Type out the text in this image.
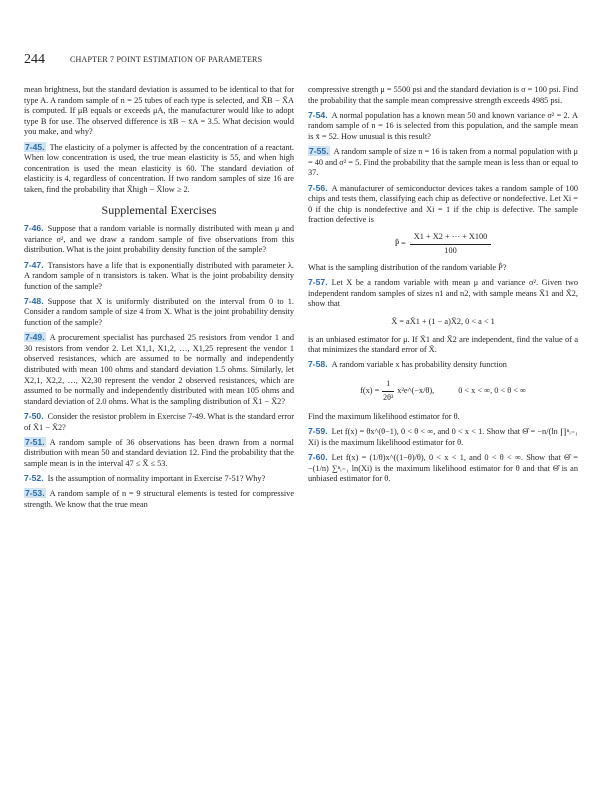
244	CHAPTER 7 POINT ESTIMATION OF PARAMETERS

mean brightness, but the standard deviation is assumed to be identical to that for type A. A random sample of n = 25 tubes of each type is selected, and X̄B − X̄A is computed. If μB equals or exceeds μA, the manufacturer would like to adopt type B for use. The observed difference is x̄B − x̄A = 3.5. What decision would you make, and why?

7-45. The elasticity of a polymer is affected by the concentration of a reactant. When low concentration is used, the true mean elasticity is 55, and when high concentration is used the mean elasticity is 60. The standard deviation of elasticity is 4, regardless of concentration. If two random samples of size 16 are taken, find the probability that X̄high − X̄low ≥ 2.

Supplemental Exercises

7-46. Suppose that a random variable is normally distributed with mean μ and variance σ², and we draw a random sample of five observations from this distribution. What is the joint probability density function of the sample?

7-47. Transistors have a life that is exponentially distributed with parameter λ. A random sample of n transistors is taken. What is the joint probability density function of the sample?

7-48. Suppose that X is uniformly distributed on the interval from 0 to 1. Consider a random sample of size 4 from X. What is the joint probability density function of the sample?

7-49. A procurement specialist has purchased 25 resistors from vendor 1 and 30 resistors from vendor 2. Let X1,1, X1,2, …, X1,25 represent the vendor 1 observed resistances, which are assumed to be normally and independently distributed with mean 100 ohms and standard deviation 1.5 ohms. Similarly, let X2,1, X2,2, …, X2,30 represent the vendor 2 observed resistances, which are assumed to be normally and independently distributed with mean 105 ohms and standard deviation of 2.0 ohms. What is the sampling distribution of X̄1 − X̄2?

7-50. Consider the resistor problem in Exercise 7-49. What is the standard error of X̄1 − X̄2?

7-51. A random sample of 36 observations has been drawn from a normal distribution with mean 50 and standard deviation 12. Find the probability that the sample mean is in the interval 47 ≤ X̄ ≤ 53.

7-52. Is the assumption of normality important in Exercise 7-51? Why?

7-53. A random sample of n = 9 structural elements is tested for compressive strength. We know that the true mean

compressive strength μ = 5500 psi and the standard deviation is σ = 100 psi. Find the probability that the sample mean compressive strength exceeds 4985 psi.

7-54. A normal population has a known mean 50 and known variance σ² = 2. A random sample of n = 16 is selected from this population, and the sample mean is x̄ = 52. How unusual is this result?

7-55. A random sample of size n = 16 is taken from a normal population with μ = 40 and σ² = 5. Find the probability that the sample mean is less than or equal to 37.

7-56. A manufacturer of semiconductor devices takes a random sample of 100 chips and tests them, classifying each chip as defective or nondefective. Let Xi = 0 if the chip is nondefective and Xi = 1 if the chip is defective. The sample fraction defective is

P̂ = $\frac{X1 + X2 + \cdots + X100}{100}$

What is the sampling distribution of the random variable P̂?

7-57. Let X be a random variable with mean μ and variance σ². Given two independent random samples of sizes n1 and n2, with sample means X̄1 and X̄2, show that

X̄ = aX̄1 + (1 − a)X̄2, 0 < a < 1

is an unbiased estimator for μ. If X̄1 and X̄2 are independent, find the value of a that minimizes the standard error of X̄.

7-58. A random variable x has probability density function

$f(x) = \frac{1}{\text{2θ³}}$ x²e^(−x/θ),	0 < x < ∞, 0 < θ < ∞

Find the maximum likelihood estimator for θ.

7-59. Let f(x) = θx^(θ−1), 0 < θ < ∞, and 0 < x < 1. Show that Θ̂ = −n/(ln ∏ⁿᵢ₌₁ Xi) is the maximum likelihood estimator for θ.

7-60. Let f(x) = (1/θ)x^((1−θ)/θ), 0 < x < 1, and 0 < θ < ∞. Show that Θ̂ = −(1/n) ∑ⁿᵢ₌₁ ln(Xi) is the maximum likelihood estimator for θ and that Θ̂ is an unbiased estimator for θ.
